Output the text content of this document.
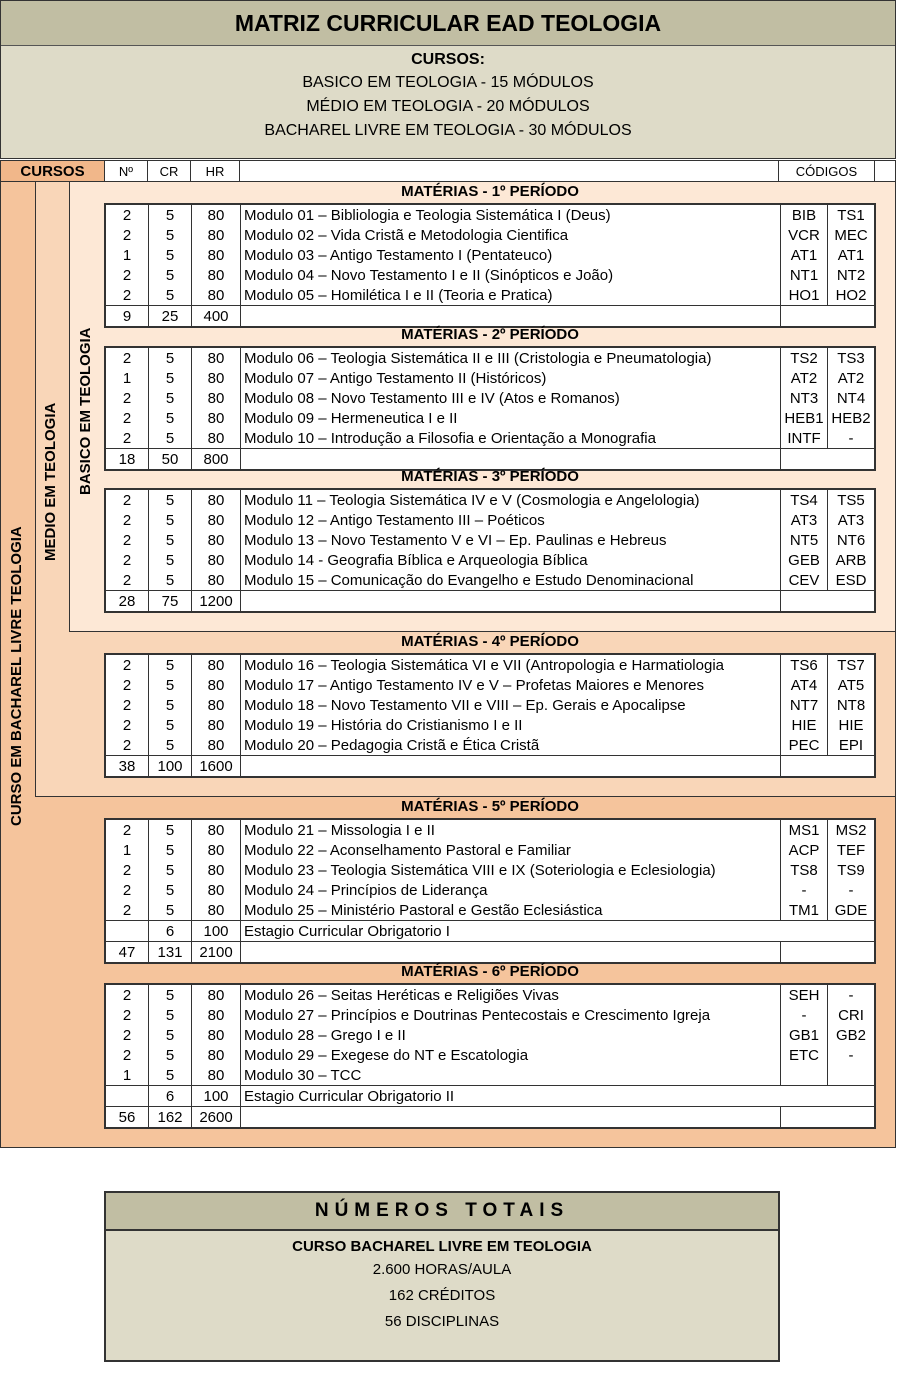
MATRIZ CURRICULAR EAD TEOLOGIA
CURSOS:
BASICO EM TEOLOGIA - 15 MÓDULOS
MÉDIO EM TEOLOGIA - 20 MÓDULOS
BACHAREL LIVRE EM TEOLOGIA - 30 MÓDULOS
CURSOS	Nº	CR	HR	CÓDIGOS
CURSO EM BACHAREL LIVRE TEOLOGIA
MEDIO EM TEOLOGIA BASICO EM TEOLOGIA
MATÉRIAS - 1º PERÍODO
2	5	80	Modulo 01 – Bibliologia e Teologia Sistemática I (Deus)	BIB	TS1
2	5	80	Modulo 02 – Vida Cristã e Metodologia Cientifica	VCR	MEC
1	5	80	Modulo 03 – Antigo Testamento I (Pentateuco)	AT1	AT1
2	5	80	Modulo 04 – Novo Testamento I e II (Sinópticos e João)	NT1	NT2
2	5	80	Modulo 05 – Homilética I e II (Teoria e Pratica)	HO1	HO2
9	25	400			
MATÉRIAS - 2º PERÍODO
2	5	80	Modulo 06 – Teologia Sistemática II e III (Cristologia e Pneumatologia)	TS2	TS3
1	5	80	Modulo 07 – Antigo Testamento II (Históricos)	AT2	AT2
2	5	80	Modulo 08 – Novo Testamento III e IV (Atos e Romanos)	NT3	NT4
2	5	80	Modulo 09 – Hermeneutica I e II	HEB1	HEB2
2	5	80	Modulo 10 – Introdução a Filosofia e Orientação a Monografia	INTF	-
18	50	800			
MATÉRIAS - 3º PERÍODO
2	5	80	Modulo 11 – Teologia Sistemática IV e V (Cosmologia e Angelologia)	TS4	TS5
2	5	80	Modulo 12 – Antigo Testamento III – Poéticos	AT3	AT3
2	5	80	Modulo 13 – Novo Testamento V e VI – Ep. Paulinas e Hebreus	NT5	NT6
2	5	80	Modulo 14 - Geografia Bíblica e Arqueologia Bíblica	GEB	ARB
2	5	80	Modulo 15 – Comunicação do Evangelho e Estudo Denominacional	CEV	ESD
28	75	1200			
MATÉRIAS - 4º PERÍODO
2	5	80	Modulo 16 – Teologia Sistemática VI e VII (Antropologia e Harmatiologia	TS6	TS7
2	5	80	Modulo 17 – Antigo Testamento IV e V – Profetas Maiores e Menores	AT4	AT5
2	5	80	Modulo 18 – Novo Testamento VII e VIII – Ep. Gerais e Apocalipse	NT7	NT8
2	5	80	Modulo 19 – História do Cristianismo I e II	HIE	HIE
2	5	80	Modulo 20 – Pedagogia Cristã e Ética Cristã	PEC	EPI
38	100	1600			
MATÉRIAS - 5º PERÍODO
2	5	80	Modulo 21 – Missologia I e II	MS1	MS2
1	5	80	Modulo 22 – Aconselhamento Pastoral e Familiar	ACP	TEF
2	5	80	Modulo 23 – Teologia Sistemática VIII e IX (Soteriologia e Eclesiologia)	TS8	TS9
2	5	80	Modulo 24 – Princípios de Liderança	-	-
2	5	80	Modulo 25 – Ministério Pastoral e Gestão Eclesiástica	TM1	GDE
	6	100	Estagio Curricular Obrigatorio I		
47	131	2100			
MATÉRIAS - 6º PERÍODO
2	5	80	Modulo 26 – Seitas Heréticas e Religiões Vivas	SEH	-
2	5	80	Modulo 27 – Princípios e Doutrinas Pentecostais e Crescimento Igreja	-	CRI
2	5	80	Modulo 28 – Grego I e II	GB1	GB2
2	5	80	Modulo 29 – Exegese do NT e Escatologia	ETC	-
1	5	80	Modulo 30 – TCC		
	6	100	Estagio Curricular Obrigatorio II		
56	162	2600			
NÚMEROS TOTAIS
CURSO BACHAREL LIVRE EM TEOLOGIA
2.600 HORAS/AULA
162 CRÉDITOS
56 DISCIPLINAS
